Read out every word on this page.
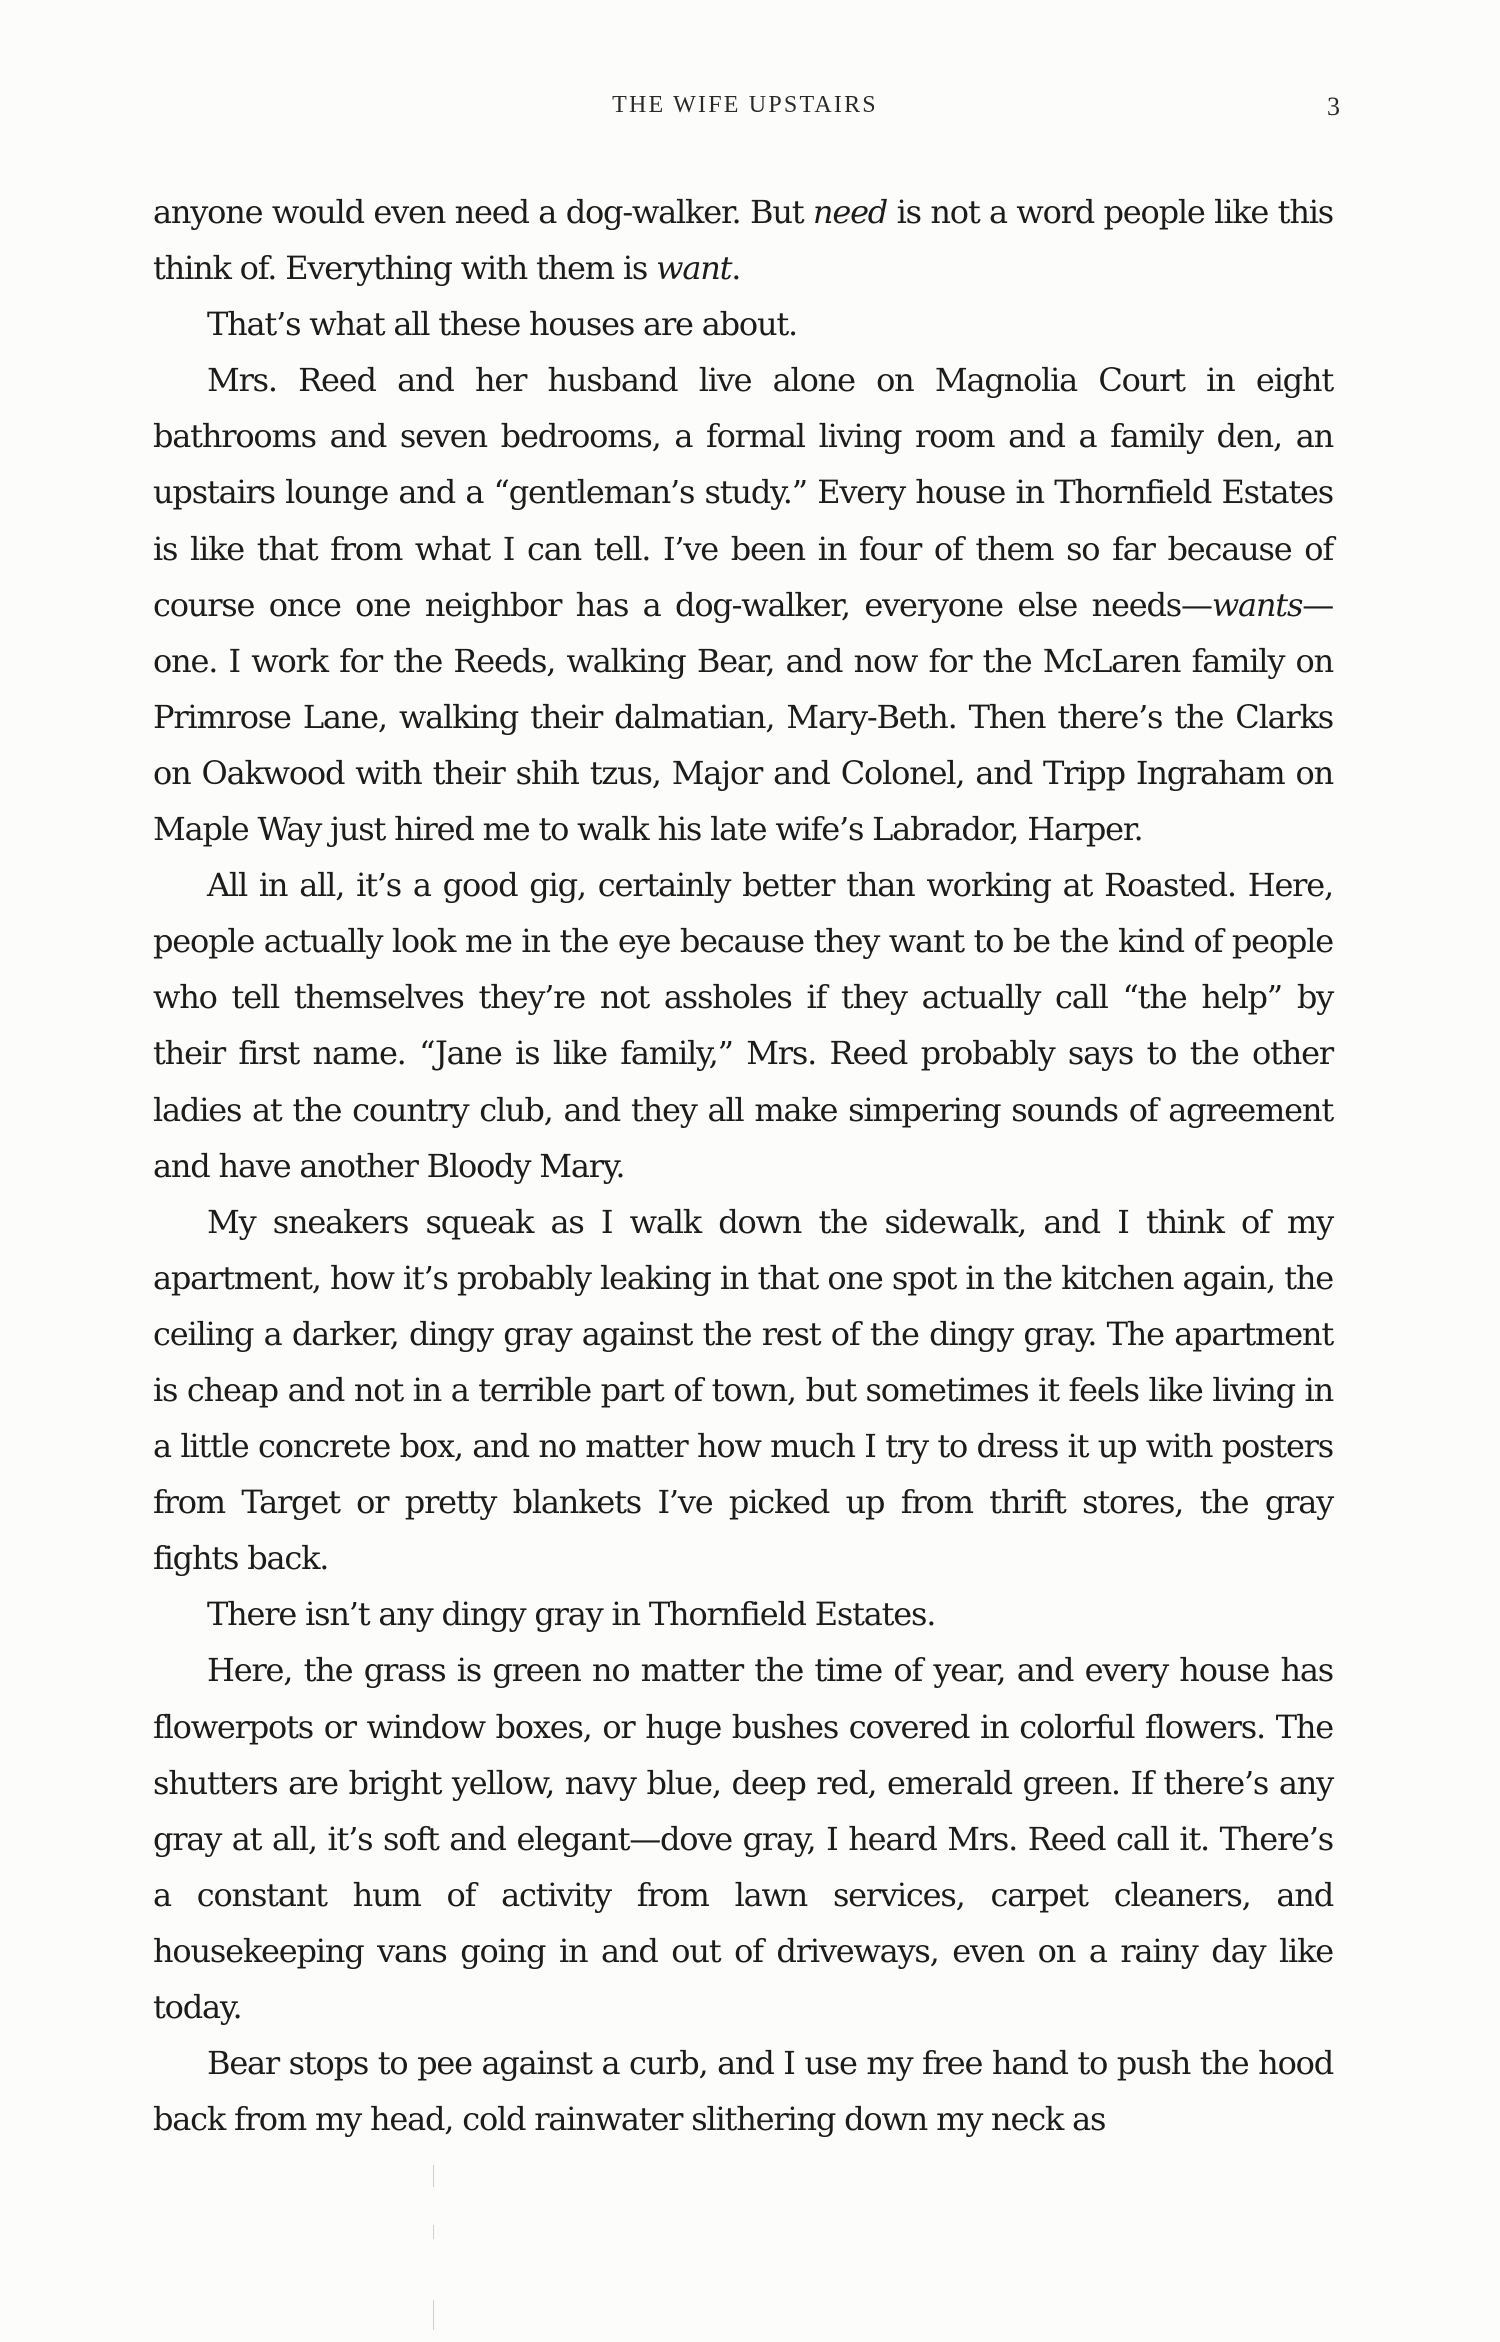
THE WIFE UPSTAIRS	3

anyone would even need a dog-walker. But need is not a word people like this think of. Everything with them is want.

That’s what all these houses are about.

Mrs. Reed and her husband live alone on Magnolia Court in eight bathrooms and seven bedrooms, a formal living room and a family den, an upstairs lounge and a “gentleman’s study.” Every house in Thornfield Estates is like that from what I can tell. I’ve been in four of them so far because of course once one neighbor has a dog-walker, everyone else needs—wants—one. I work for the Reeds, walking Bear, and now for the McLaren family on Primrose Lane, walking their dalmatian, Mary-Beth. Then there’s the Clarks on Oakwood with their shih tzus, Major and Colonel, and Tripp Ingraham on Maple Way just hired me to walk his late wife’s Labrador, Harper.

All in all, it’s a good gig, certainly better than working at Roasted. Here, people actually look me in the eye because they want to be the kind of people who tell themselves they’re not assholes if they actually call “the help” by their first name. “Jane is like family,” Mrs. Reed probably says to the other ladies at the country club, and they all make simpering sounds of agreement and have another Bloody Mary.

My sneakers squeak as I walk down the sidewalk, and I think of my apartment, how it’s probably leaking in that one spot in the kitchen again, the ceiling a darker, dingy gray against the rest of the dingy gray. The apartment is cheap and not in a terrible part of town, but sometimes it feels like living in a little concrete box, and no matter how much I try to dress it up with posters from Target or pretty blankets I’ve picked up from thrift stores, the gray fights back.

There isn’t any dingy gray in Thornfield Estates.

Here, the grass is green no matter the time of year, and every house has flowerpots or window boxes, or huge bushes covered in colorful flowers. The shutters are bright yellow, navy blue, deep red, emerald green. If there’s any gray at all, it’s soft and elegant—dove gray, I heard Mrs. Reed call it. There’s a constant hum of activity from lawn services, carpet cleaners, and housekeeping vans going in and out of driveways, even on a rainy day like today.

Bear stops to pee against a curb, and I use my free hand to push the hood back from my head, cold rainwater slithering down my neck as
